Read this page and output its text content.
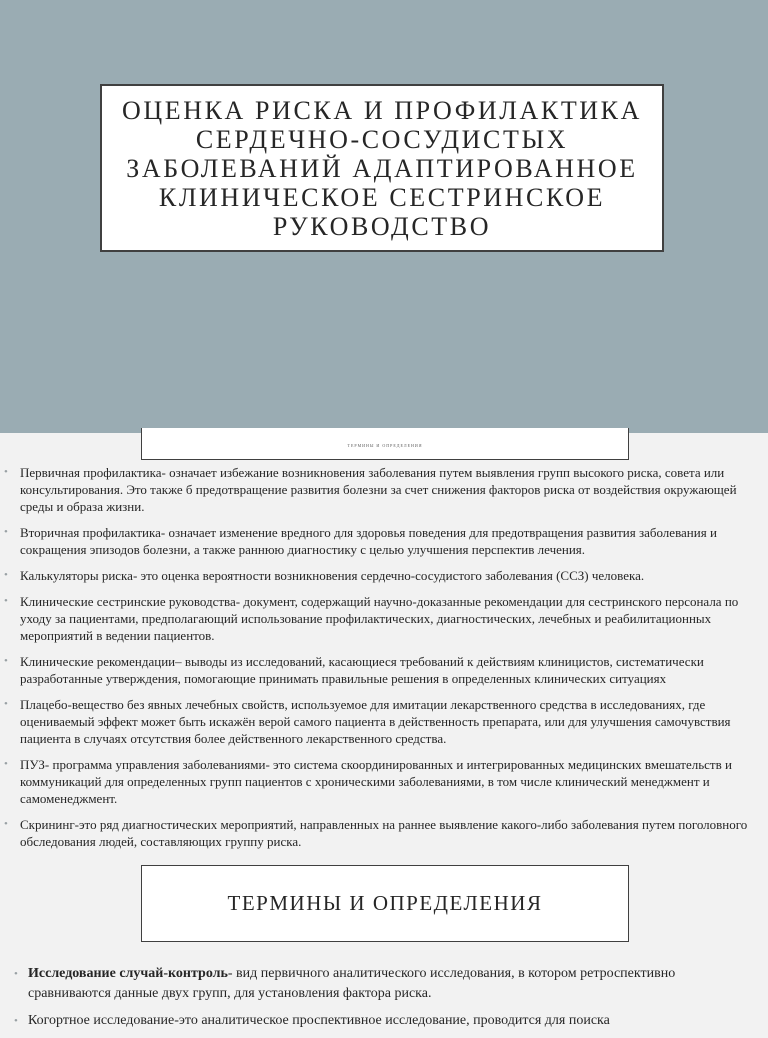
ОЦЕНКА РИСКА И ПРОФИЛАКТИКА СЕРДЕЧНО-СОСУДИСТЫХ ЗАБОЛЕВАНИЙ АДАПТИРОВАННОЕ КЛИНИЧЕСКОЕ СЕСТРИНСКОЕ РУКОВОДСТВО
ТЕРМИНЫ И ОПРЕДЕЛЕНИЯ
• Первичная профилактика- означает избежание возникновения заболевания путем выявления групп высокого риска, совета или консультирования. Это также б предотвращение развития болезни за счет снижения факторов риска от воздействия окружающей среды и образа жизни.
• Вторичная профилактика- означает изменение вредного для здоровья поведения для предотвращения развития заболевания и сокращения эпизодов болезни, а также раннюю диагностику с целью улучшения перспектив лечения.
• Калькуляторы риска- это оценка вероятности возникновения сердечно-сосудистого заболевания (ССЗ) человека.
• Клинические сестринские руководства- документ, содержащий научно-доказанные рекомендации для сестринского персонала по уходу за пациентами, предполагающий использование профилактических, диагностических, лечебных и реабилитационных мероприятий в ведении пациентов.
• Клинические рекомендации– выводы из исследований, касающиеся требований к действиям клиницистов, систематически разработанные утверждения, помогающие принимать правильные решения в определенных клинических ситуациях
• Плацебо-вещество без явных лечебных свойств, используемое для имитации лекарственного средства в исследованиях, где оцениваемый эффект может быть искажён верой самого пациента в действенность препарата, или для улучшения самочувствия пациента в случаях отсутствия более действенного лекарственного средства.
• ПУЗ- программа управления заболеваниями- это система скоординированных и интегрированных медицинских вмешательств и коммуникаций для определенных групп пациентов с хроническими заболеваниями, в том числе клинический менеджмент и самоменеджмент.
• Скрининг-это ряд диагностических мероприятий, направленных на раннее выявление какого-либо заболевания путем поголовного обследования людей, составляющих группу риска.
ТЕРМИНЫ И ОПРЕДЕЛЕНИЯ
• Исследование случай-контроль- вид первичного аналитического исследования, в котором ретроспективно сравниваются данные двух групп, для установления фактора риска.
• Когортное исследование-это аналитическое проспективное исследование, проводится для поиска
